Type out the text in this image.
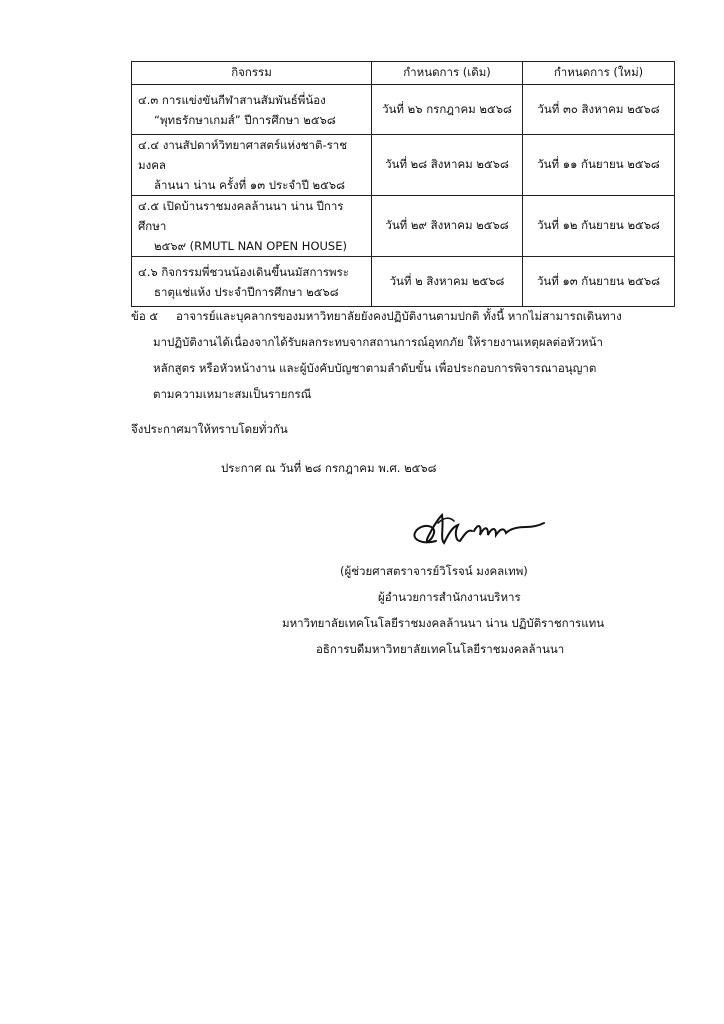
กิจกรรม	กำหนดการ (เดิม)	กำหนดการ (ใหม่)
๔.๓ การแข่งขันกีฬาสานสัมพันธ์พี่น้อง
“พุทธรักษาเกมส์” ปีการศึกษา ๒๕๖๘	วันที่ ๒๖ กรกฎาคม ๒๕๖๘	วันที่ ๓๐ สิงหาคม ๒๕๖๘
๔.๔ งานสัปดาห์วิทยาศาสตร์แห่งชาติ-ราชมงคล
ล้านนา น่าน ครั้งที่ ๑๓ ประจำปี ๒๕๖๘	วันที่ ๒๘ สิงหาคม ๒๕๖๘	วันที่ ๑๑ กันยายน ๒๕๖๘
๔.๕ เปิดบ้านราชมงคลล้านนา น่าน ปีการศึกษา
๒๕๖๙ (RMUTL NAN OPEN HOUSE)	วันที่ ๒๙ สิงหาคม ๒๕๖๘	วันที่ ๑๒ กันยายน ๒๕๖๘
๔.๖ กิจกรรมพี่ชวนน้องเดินขึ้นนมัสการพระ
ธาตุแช่แห้ง ประจำปีการศึกษา ๒๕๖๘	วันที่ ๒ สิงหาคม ๒๕๖๘	วันที่ ๑๓ กันยายน ๒๕๖๘
ข้อ ๕ อาจารย์และบุคลากรของมหาวิทยาลัยยังคงปฏิบัติงานตามปกติ ทั้งนี้ หากไม่สามารถเดินทาง
มาปฏิบัติงานได้เนื่องจากได้รับผลกระทบจากสถานการณ์อุทกภัย ให้รายงานเหตุผลต่อหัวหน้า
หลักสูตร หรือหัวหน้างาน และผู้บังคับบัญชาตามลำดับขั้น เพื่อประกอบการพิจารณาอนุญาต
ตามความเหมาะสมเป็นรายกรณี
จึงประกาศมาให้ทราบโดยทั่วกัน
ประกาศ ณ วันที่ ๒๘ กรกฎาคม พ.ศ. ๒๕๖๘
(ผู้ช่วยศาสตราจารย์วิโรจน์ มงคลเทพ)
ผู้อำนวยการสำนักงานบริหาร
มหาวิทยาลัยเทคโนโลยีราชมงคลล้านนา น่าน ปฏิบัติราชการแทน
อธิการบดีมหาวิทยาลัยเทคโนโลยีราชมงคลล้านนา
